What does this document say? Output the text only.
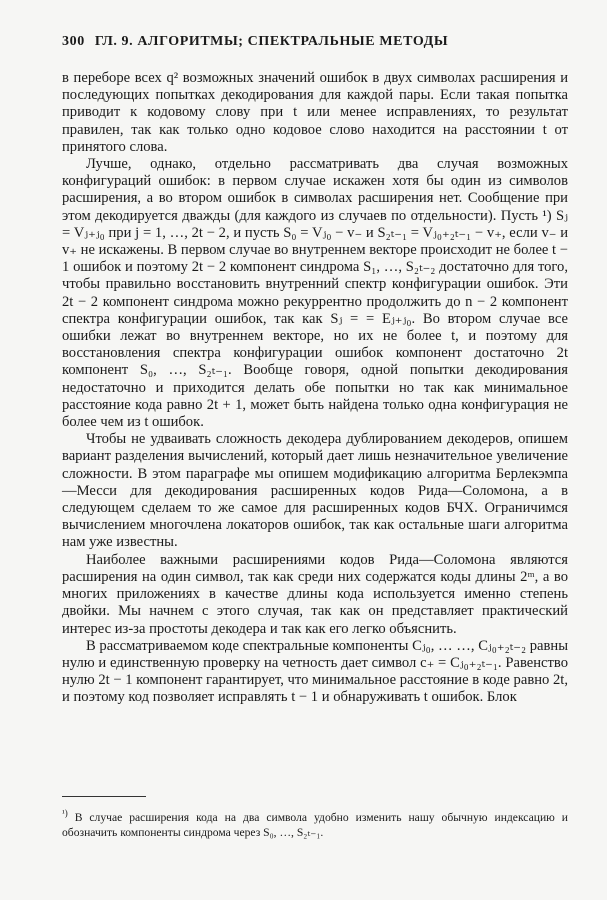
300 ГЛ. 9. АЛГОРИТМЫ; СПЕКТРАЛЬНЫЕ МЕТОДЫ

в переборе всех q² возможных значений ошибок в двух символах расширения и последующих попытках декодирования для каждой пары. Если такая попытка приводит к кодовому слову при t или менее исправлениях, то результат правилен, так как только одно кодовое слово находится на расстоянии t от принятого слова.

Лучше, однако, отдельно рассматривать два случая возможных конфигураций ошибок: в первом случае искажен хотя бы один из символов расширения, а во втором ошибок в символах расширения нет. Сообщение при этом декодируется дважды (для каждого из случаев по отдельности). Пусть ¹) Sⱼ = Vⱼ₊ⱼ₀ при j = 1, …, 2t − 2, и пусть S₀ = Vⱼ₀ − v₋ и S₂ₜ₋₁ = Vⱼ₀₊₂ₜ₋₁ − v₊, если v₋ и v₊ не искажены. В первом случае во внутреннем векторе происходит не более t − 1 ошибок и поэтому 2t − 2 компонент синдрома S₁, …, S₂ₜ₋₂ достаточно для того, чтобы правильно восстановить внутренний спектр конфигурации ошибок. Эти 2t − 2 компонент синдрома можно рекуррентно продолжить до n − 2 компонент спектра конфигурации ошибок, так как Sⱼ = = Eⱼ₊ⱼ₀. Во втором случае все ошибки лежат во внутреннем векторе, но их не более t, и поэтому для восстановления спектра конфигурации ошибок компонент достаточно 2t компонент S₀, …, S₂ₜ₋₁. Вообще говоря, одной попытки декодирования недостаточно и приходится делать обе попытки но так как минимальное расстояние кода равно 2t + 1, может быть найдена только одна конфигурация не более чем из t ошибок.

Чтобы не удваивать сложность декодера дублированием декодеров, опишем вариант разделения вычислений, который дает лишь незначительное увеличение сложности. В этом параграфе мы опишем модификацию алгоритма Берлекэмпа—Месси для декодирования расширенных кодов Рида—Соломона, а в следующем сделаем то же самое для расширенных кодов БЧХ. Ограничимся вычислением многочлена локаторов ошибок, так как остальные шаги алгоритма нам уже известны.

Наиболее важными расширениями кодов Рида—Соломона являются расширения на один символ, так как среди них содержатся коды длины 2ᵐ, а во многих приложениях в качестве длины кода используется именно степень двойки. Мы начнем с этого случая, так как он представляет практический интерес из-за простоты декодера и так как его легко объяснить.

В рассматриваемом коде спектральные компоненты Cⱼ₀, … …, Cⱼ₀₊₂ₜ₋₂ равны нулю и единственную проверку на четность дает символ c₊ = Cⱼ₀₊₂ₜ₋₁. Равенство нулю 2t − 1 компонент гарантирует, что минимальное расстояние в коде равно 2t, и поэтому код позволяет исправлять t − 1 и обнаруживать t ошибок. Блок

$^{^1)}$ В случае расширения кода на два символа удобно изменить нашу обычную индексацию и обозначить компоненты синдрома через S₀, …, S₂ₜ₋₁.
